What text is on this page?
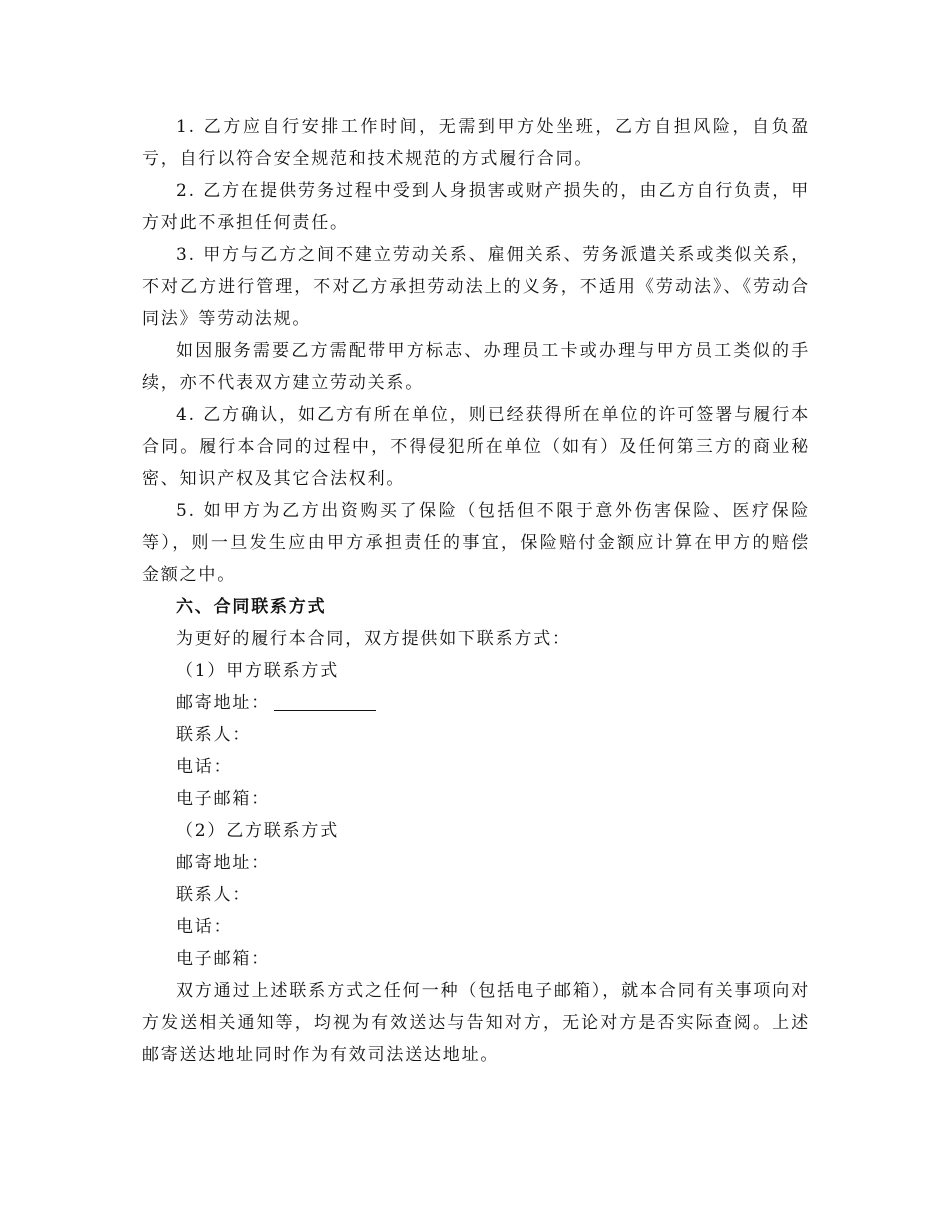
1. 乙方应自行安排工作时间，无需到甲方处坐班，乙方自担风险，自负盈亏，自行以符合安全规范和技术规范的方式履行合同。

2. 乙方在提供劳务过程中受到人身损害或财产损失的，由乙方自行负责，甲方对此不承担任何责任。

3. 甲方与乙方之间不建立劳动关系、雇佣关系、劳务派遣关系或类似关系，不对乙方进行管理，不对乙方承担劳动法上的义务，不适用《劳动法》、《劳动合同法》等劳动法规。

如因服务需要乙方需配带甲方标志、办理员工卡或办理与甲方员工类似的手续，亦不代表双方建立劳动关系。

4. 乙方确认，如乙方有所在单位，则已经获得所在单位的许可签署与履行本合同。履行本合同的过程中，不得侵犯所在单位（如有）及任何第三方的商业秘密、知识产权及其它合法权利。

5. 如甲方为乙方出资购买了保险（包括但不限于意外伤害保险、医疗保险等），则一旦发生应由甲方承担责任的事宜，保险赔付金额应计算在甲方的赔偿金额之中。

六、合同联系方式

为更好的履行本合同，双方提供如下联系方式：

（1）甲方联系方式

邮寄地址：

联系人：

电话：

电子邮箱：

（2）乙方联系方式

邮寄地址：

联系人：

电话：

电子邮箱：

双方通过上述联系方式之任何一种（包括电子邮箱），就本合同有关事项向对方发送相关通知等，均视为有效送达与告知对方，无论对方是否实际查阅。上述邮寄送达地址同时作为有效司法送达地址。
